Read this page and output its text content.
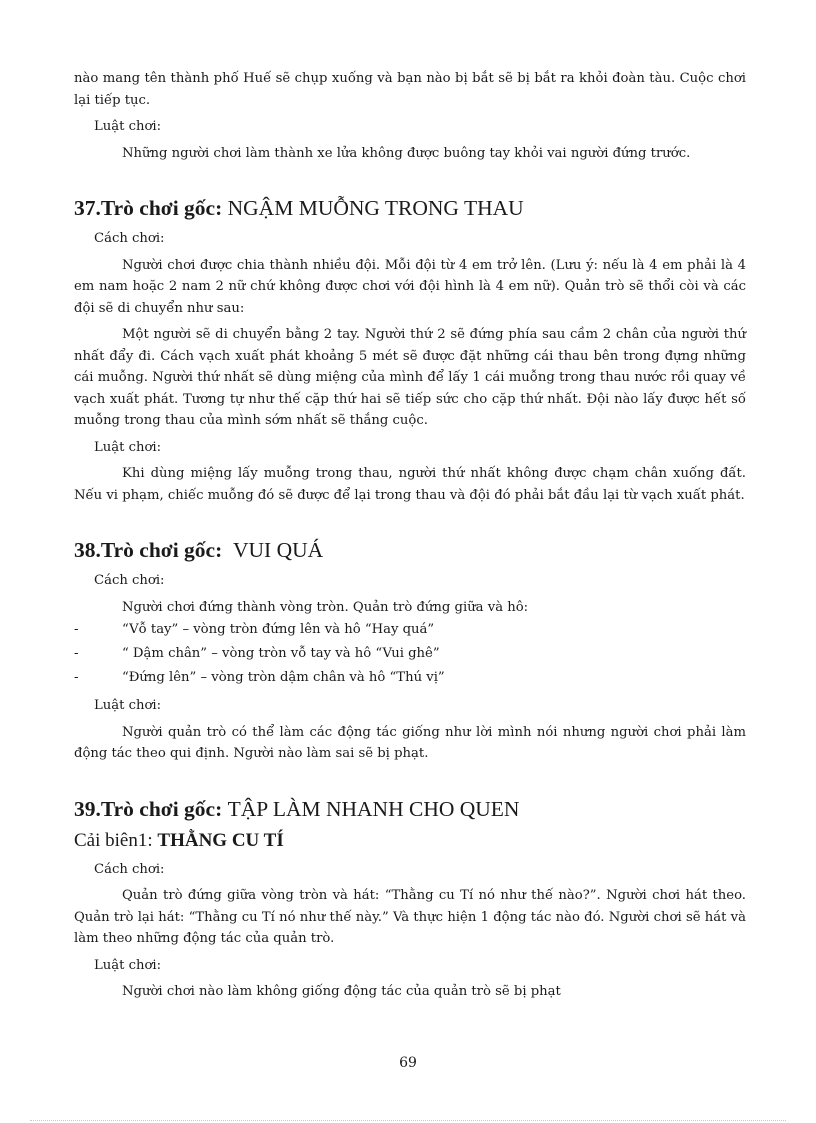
nào mang tên thành phố Huế sẽ chụp xuống và bạn nào bị bắt sẽ bị bắt ra khỏi đoàn tàu. Cuộc chơi lại tiếp tục.

Luật chơi:

Những người chơi làm thành xe lửa không được buông tay khỏi vai người đứng trước.

37.Trò chơi gốc: NGẬM MUỖNG TRONG THAU

Cách chơi:

Người chơi được chia thành nhiều đội. Mỗi đội từ 4 em trở lên. (Lưu ý: nếu là 4 em phải là 4 em nam hoặc 2 nam 2 nữ chứ không được chơi với đội hình là 4 em nữ). Quản trò sẽ thổi còi và các đội sẽ di chuyển như sau:

Một người sẽ di chuyển bằng 2 tay. Người thứ 2 sẽ đứng phía sau cầm 2 chân của người thứ nhất đẩy đi. Cách vạch xuất phát khoảng 5 mét sẽ được đặt những cái thau bên trong đựng những cái muỗng. Người thứ nhất sẽ dùng miệng của mình để lấy 1 cái muỗng trong thau nước rồi quay về vạch xuất phát. Tương tự như thế cặp thứ hai sẽ tiếp sức cho cặp thứ nhất. Đội nào lấy được hết số muỗng trong thau của mình sớm nhất sẽ thắng cuộc.

Luật chơi:

Khi dùng miệng lấy muỗng trong thau, người thứ nhất không được chạm chân xuống đất. Nếu vi phạm, chiếc muỗng đó sẽ được để lại trong thau và đội đó phải bắt đầu lại từ vạch xuất phát.

38.Trò chơi gốc:  VUI QUÁ

Cách chơi:

Người chơi đứng thành vòng tròn. Quản trò đứng giữa và hô:

-	“Vỗ tay” – vòng tròn đứng lên và hô “Hay quá”
-	“ Dậm chân” – vòng tròn vỗ tay và hô “Vui ghê”
-	“Đứng lên” – vòng tròn dậm chân và hô “Thú vị”

Luật chơi:

Người quản trò có thể làm các động tác giống như lời mình nói nhưng người chơi phải làm động tác theo qui định. Người nào làm sai sẽ bị phạt.

39.Trò chơi gốc: TẬP LÀM NHANH CHO QUEN
Cải biên1: THẰNG CU TÍ

Cách chơi:

Quản trò đứng giữa vòng tròn và hát: “Thằng cu Tí nó như thế nào?”. Người chơi hát theo. Quản trò lại hát: “Thằng cu Tí nó như thế này.” Và thực hiện 1 động tác nào đó. Người chơi sẽ hát và làm theo những động tác của quản trò.

Luật chơi:

Người chơi nào làm không giống động tác của quản trò sẽ bị phạt

69
